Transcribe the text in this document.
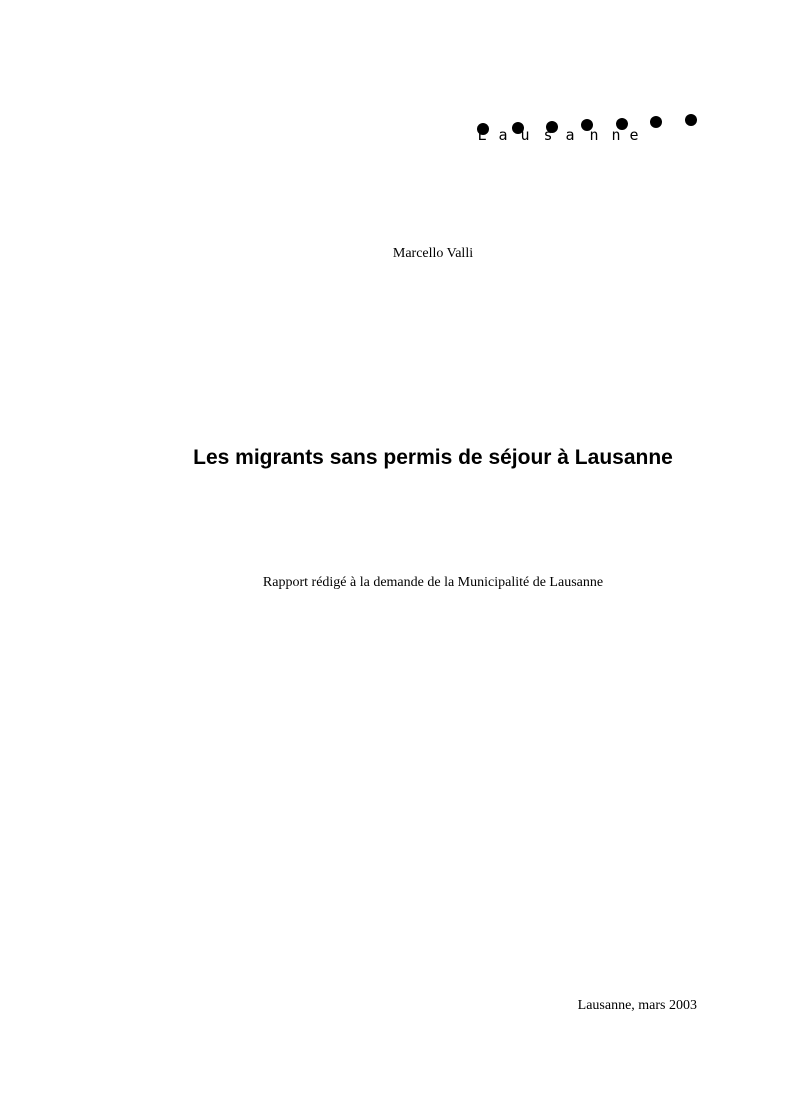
L a u s a n n e
Marcello Valli
Les migrants sans permis de séjour à Lausanne
Rapport rédigé à la demande de la Municipalité de Lausanne
Lausanne, mars 2003
